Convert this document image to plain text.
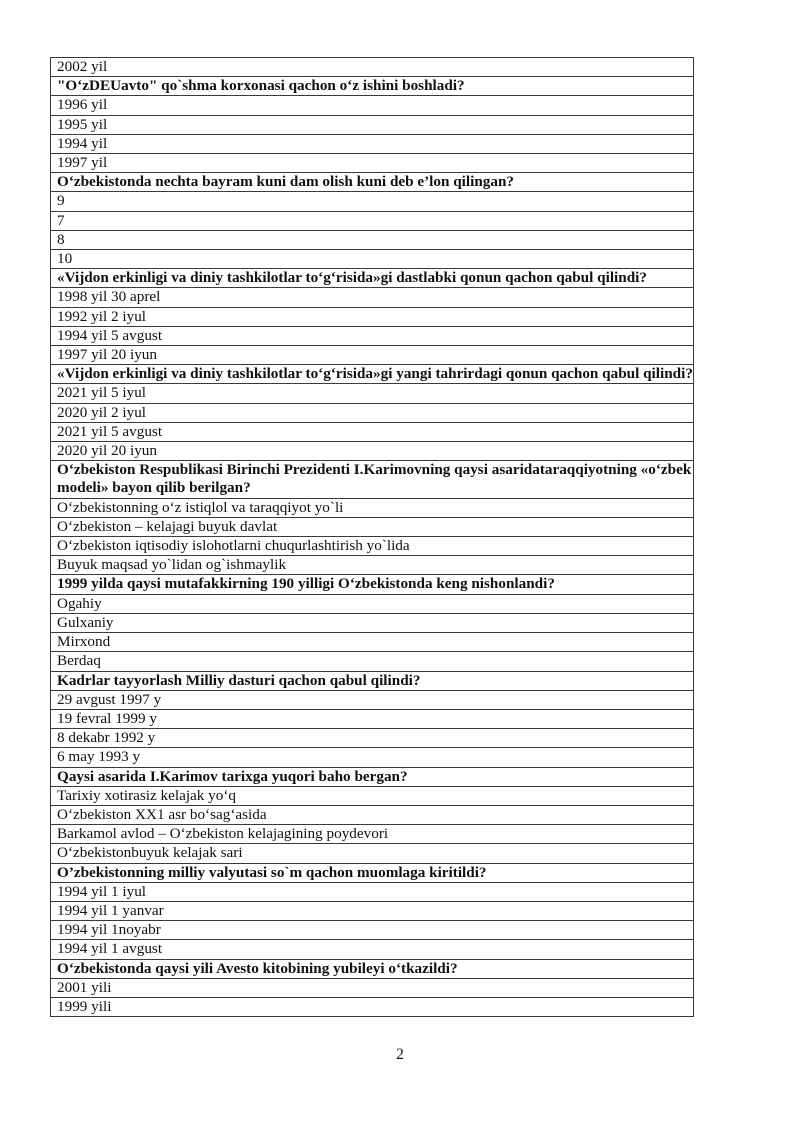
2002 yil
"O‘zDEUavto" qo`shma korxonasi qachon o‘z ishini boshladi?
1996 yil
1995 yil
1994 yil
1997 yil
O‘zbekistonda nechta bayram kuni dam olish kuni deb e’lon qilingan?
9
7
8
10
«Vijdon erkinligi va diniy tashkilotlar to‘g‘risida»gi dastlabki qonun qachon qabul qilindi?
1998 yil 30 aprel
1992 yil 2 iyul
1994 yil 5 avgust
1997 yil 20 iyun
«Vijdon erkinligi va diniy tashkilotlar to‘g‘risida»gi yangi tahrirdagi qonun qachon qabul qilindi?
2021 yil 5 iyul
2020 yil 2 iyul
2021 yil 5 avgust
2020 yil 20 iyun
O‘zbekiston Respublikasi Birinchi Prezidenti I.Karimovning qaysi asaridataraqqiyotning «o‘zbek modeli» bayon qilib berilgan?
O‘zbekistonning o‘z istiqlol va taraqqiyot yo`li
O‘zbekiston – kelajagi buyuk davlat
O‘zbekiston iqtisodiy islohotlarni chuqurlashtirish yo`lida
Buyuk maqsad yo`lidan og`ishmaylik
1999 yilda qaysi mutafakkirning 190 yilligi O‘zbekistonda keng nishonlandi?
Ogahiy
Gulxaniy
Mirxond
Berdaq
Kadrlar tayyorlash Milliy dasturi qachon qabul qilindi?
29 avgust 1997 y
19 fevral 1999 y
8 dekabr 1992 y
6 may 1993 y
Qaysi asarida I.Karimov tarixga yuqori baho bergan?
Tarixiy xotirasiz kelajak yo‘q
O‘zbekiston XX1 asr bo‘sag‘asida
Barkamol avlod – O‘zbekiston kelajagining poydevori
O‘zbekistonbuyuk kelajak sari
O’zbekistonning milliy valyutasi so`m qachon muomlaga kiritildi?
1994 yil 1 iyul
1994 yil 1 yanvar
1994 yil 1noyabr
1994 yil 1 avgust
O‘zbekistonda qaysi yili Avesto kitobining yubileyi o‘tkazildi?
2001 yili
1999 yili
2
